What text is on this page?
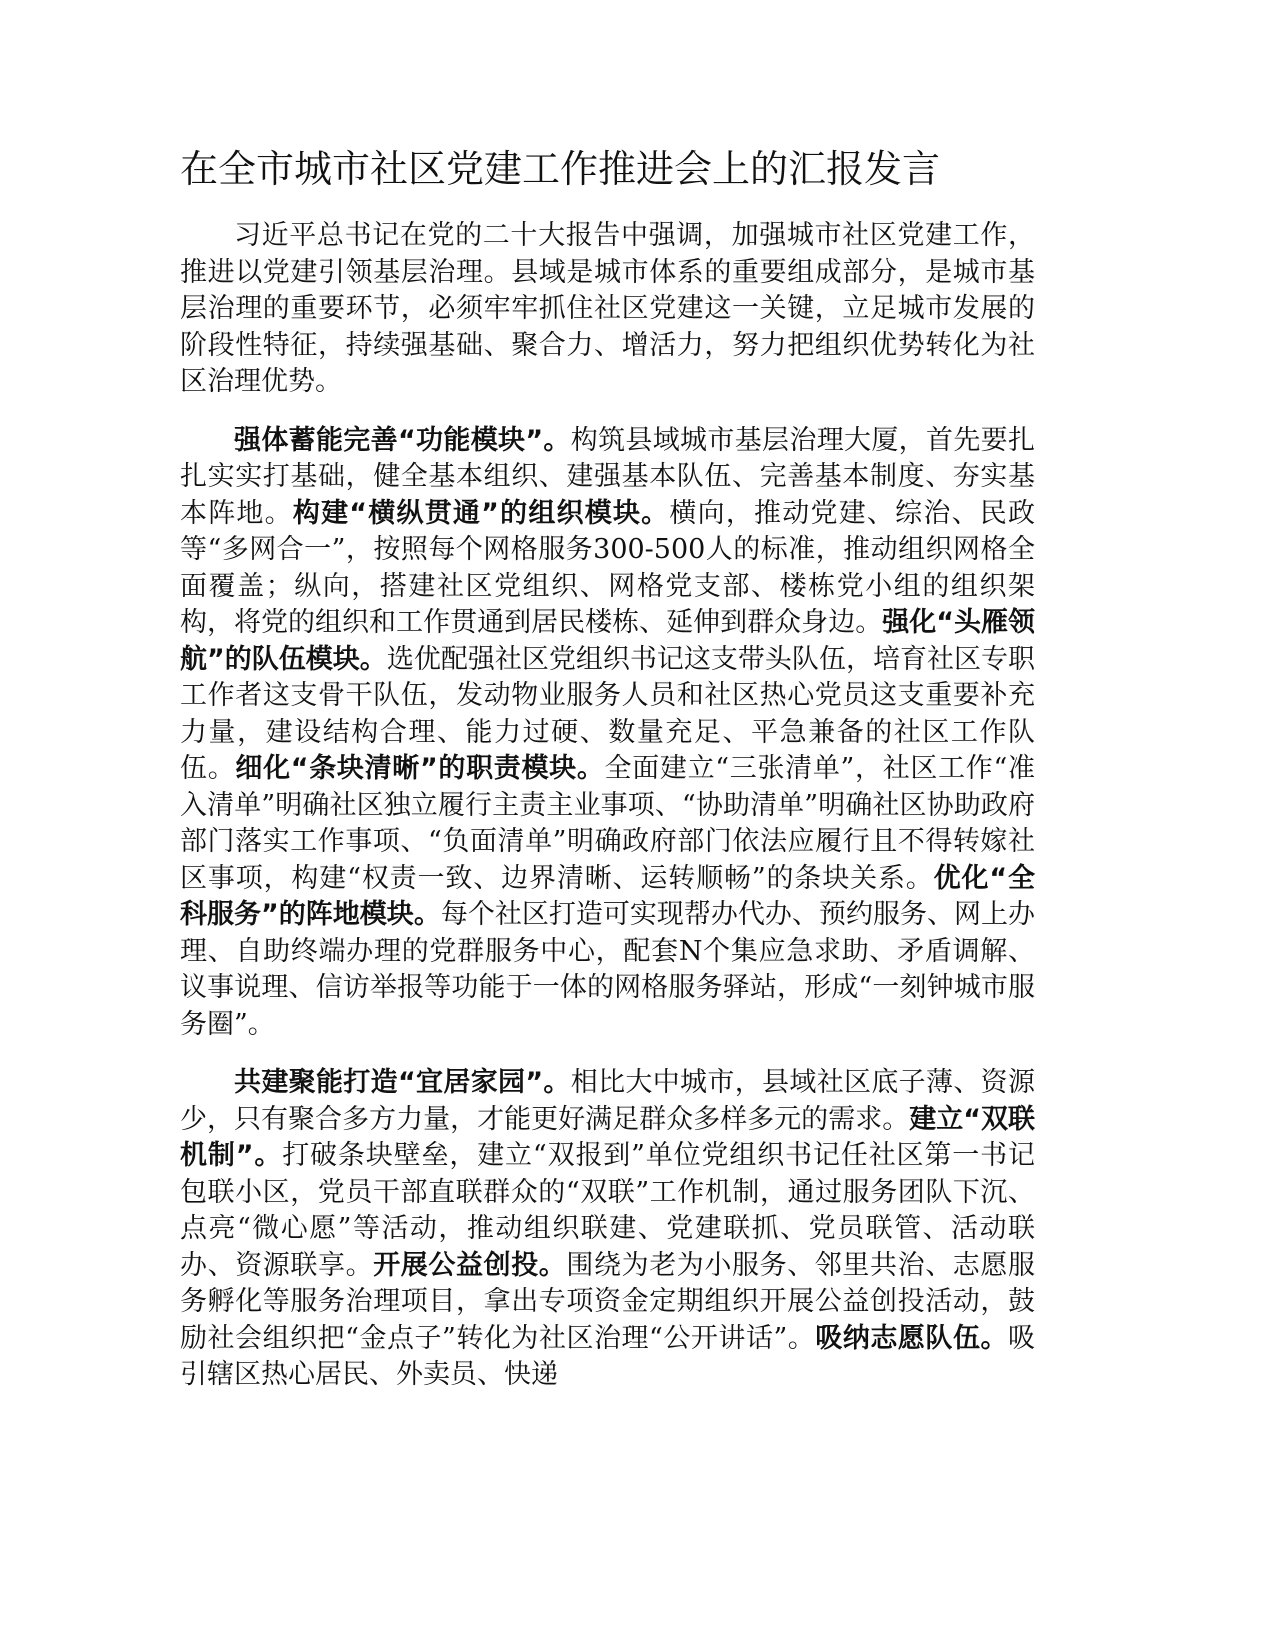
在全市城市社区党建工作推进会上的汇报发言

习近平总书记在党的二十大报告中强调，加强城市社区党建工作，推进以党建引领基层治理。县域是城市体系的重要组成部分，是城市基层治理的重要环节，必须牢牢抓住社区党建这一关键，立足城市发展的阶段性特征，持续强基础、聚合力、增活力，努力把组织优势转化为社区治理优势。

强体蓄能完善“功能模块”。构筑县域城市基层治理大厦，首先要扎扎实实打基础，健全基本组织、建强基本队伍、完善基本制度、夯实基本阵地。构建“横纵贯通”的组织模块。横向，推动党建、综治、民政等“多网合一”，按照每个网格服务300-500人的标准，推动组织网格全面覆盖；纵向，搭建社区党组织、网格党支部、楼栋党小组的组织架构，将党的组织和工作贯通到居民楼栋、延伸到群众身边。强化“头雁领航”的队伍模块。选优配强社区党组织书记这支带头队伍，培育社区专职工作者这支骨干队伍，发动物业服务人员和社区热心党员这支重要补充力量，建设结构合理、能力过硬、数量充足、平急兼备的社区工作队伍。细化“条块清晰”的职责模块。全面建立“三张清单”，社区工作“准入清单”明确社区独立履行主责主业事项、“协助清单”明确社区协助政府部门落实工作事项、“负面清单”明确政府部门依法应履行且不得转嫁社区事项，构建“权责一致、边界清晰、运转顺畅”的条块关系。优化“全科服务”的阵地模块。每个社区打造可实现帮办代办、预约服务、网上办理、自助终端办理的党群服务中心，配套N个集应急求助、矛盾调解、议事说理、信访举报等功能于一体的网格服务驿站，形成“一刻钟城市服务圈”。

共建聚能打造“宜居家园”。相比大中城市，县域社区底子薄、资源少，只有聚合多方力量，才能更好满足群众多样多元的需求。建立“双联机制”。打破条块壁垒，建立“双报到”单位党组织书记任社区第一书记包联小区，党员干部直联群众的“双联”工作机制，通过服务团队下沉、点亮“微心愿”等活动，推动组织联建、党建联抓、党员联管、活动联办、资源联享。开展公益创投。围绕为老为小服务、邻里共治、志愿服务孵化等服务治理项目，拿出专项资金定期组织开展公益创投活动，鼓励社会组织把“金点子”转化为社区治理“公开讲话”。吸纳志愿队伍。吸引辖区热心居民、外卖员、快递
